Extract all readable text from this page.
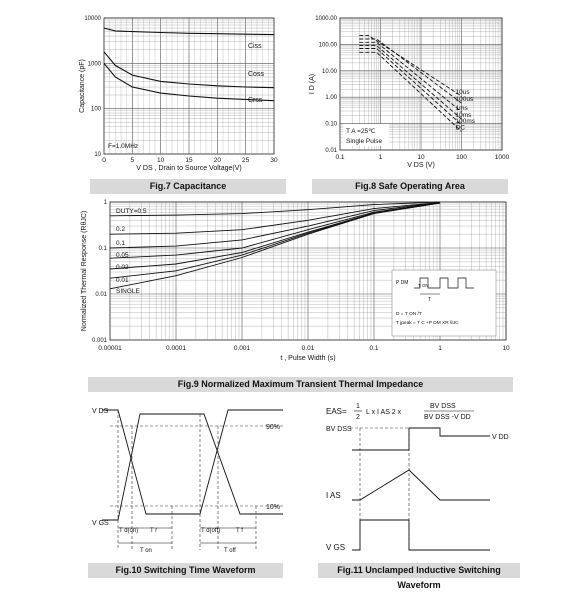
Ciss
Coss
Crss
0	5	10	15	20	25	30
10
100
1000
10000
Capacitance (pF)
V DS , Drain to Source Voltage(V)
F=1.0MHz
Fig.7 Capacitance
10us
100us
1ms
10ms
100ms
DC
0.1	1	10	100	1000
0.01
0.10
1.00
10.00
100.00
1000.00
I D (A)
V DS (V)
T A =25℃
Single Pulse
Fig.8 Safe Operating Area
DUTY=0.5
0.2
0.1
0.05
0.02
0.01
SINGLE
0.00001	0.0001	0.001	0.01	0.1	1	10
0.001
0.01
0.1
1
Normalized Thermal Response (RθJC)
t , Pulse Width (s)
P DM T ON
T
D = T ON /T
T jpeak = T C +P DM XR θJC
Fig.9 Normalized Maximum Transient Thermal Impedance
V DS
V GS
90%
10%
T d(on) T r	T d(off)	T f
T on	T off
Fig.10 Switching Time Waveform
EAS=
1
2
L x I AS 2 x
BV DSS
BV DSS -V DD
BV DSS
V DD
I AS
V GS
Fig.11 Unclamped Inductive Switching Waveform
